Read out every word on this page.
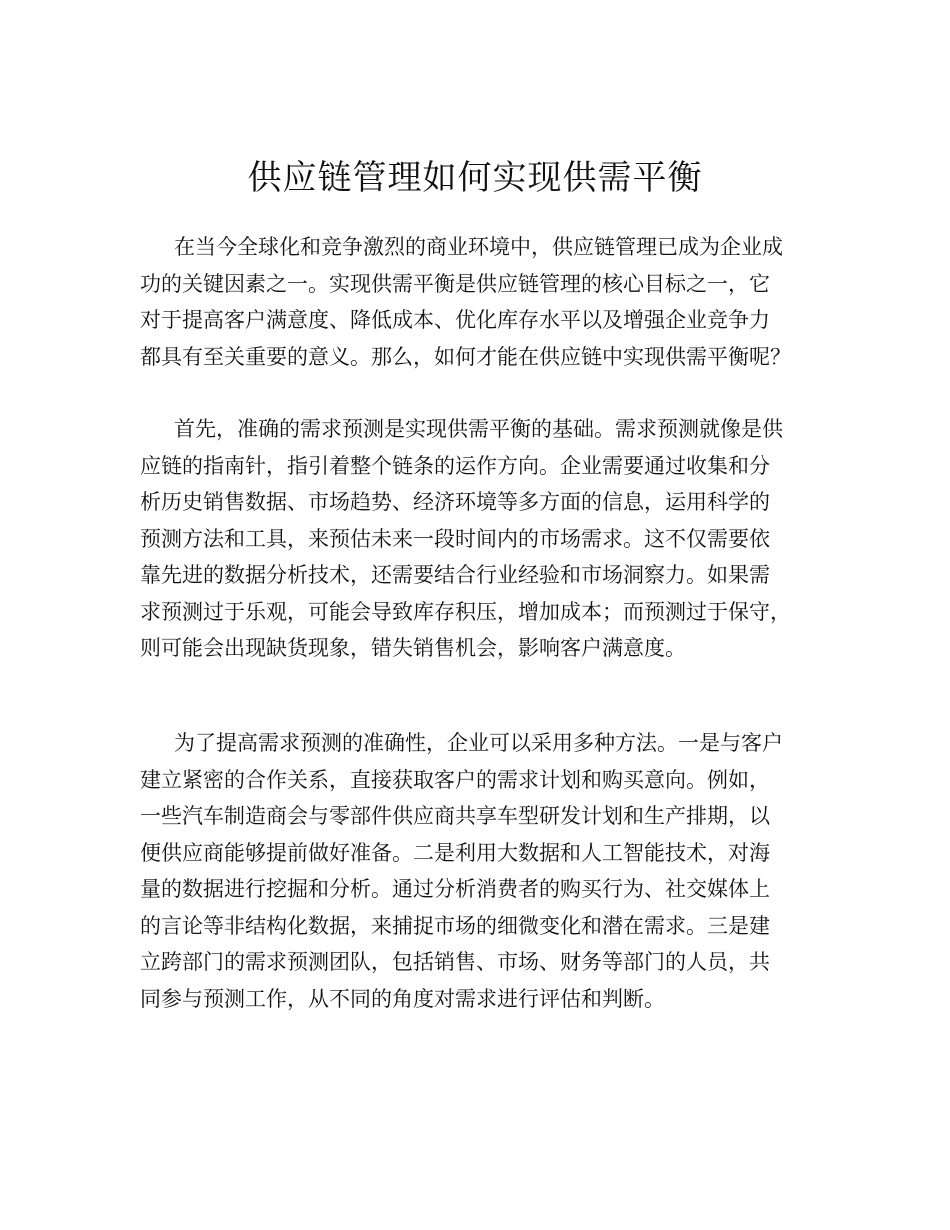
供应链管理如何实现供需平衡
在当今全球化和竞争激烈的商业环境中，供应链管理已成为企业成
功的关键因素之一。实现供需平衡是供应链管理的核心目标之一，它
对于提高客户满意度、降低成本、优化库存水平以及增强企业竞争力
都具有至关重要的意义。那么，如何才能在供应链中实现供需平衡呢？
首先，准确的需求预测是实现供需平衡的基础。需求预测就像是供
应链的指南针，指引着整个链条的运作方向。企业需要通过收集和分
析历史销售数据、市场趋势、经济环境等多方面的信息，运用科学的
预测方法和工具，来预估未来一段时间内的市场需求。这不仅需要依
靠先进的数据分析技术，还需要结合行业经验和市场洞察力。如果需
求预测过于乐观，可能会导致库存积压，增加成本；而预测过于保守，
则可能会出现缺货现象，错失销售机会，影响客户满意度。
为了提高需求预测的准确性，企业可以采用多种方法。一是与客户
建立紧密的合作关系，直接获取客户的需求计划和购买意向。例如，
一些汽车制造商会与零部件供应商共享车型研发计划和生产排期，以
便供应商能够提前做好准备。二是利用大数据和人工智能技术，对海
量的数据进行挖掘和分析。通过分析消费者的购买行为、社交媒体上
的言论等非结构化数据，来捕捉市场的细微变化和潜在需求。三是建
立跨部门的需求预测团队，包括销售、市场、财务等部门的人员，共
同参与预测工作，从不同的角度对需求进行评估和判断。
